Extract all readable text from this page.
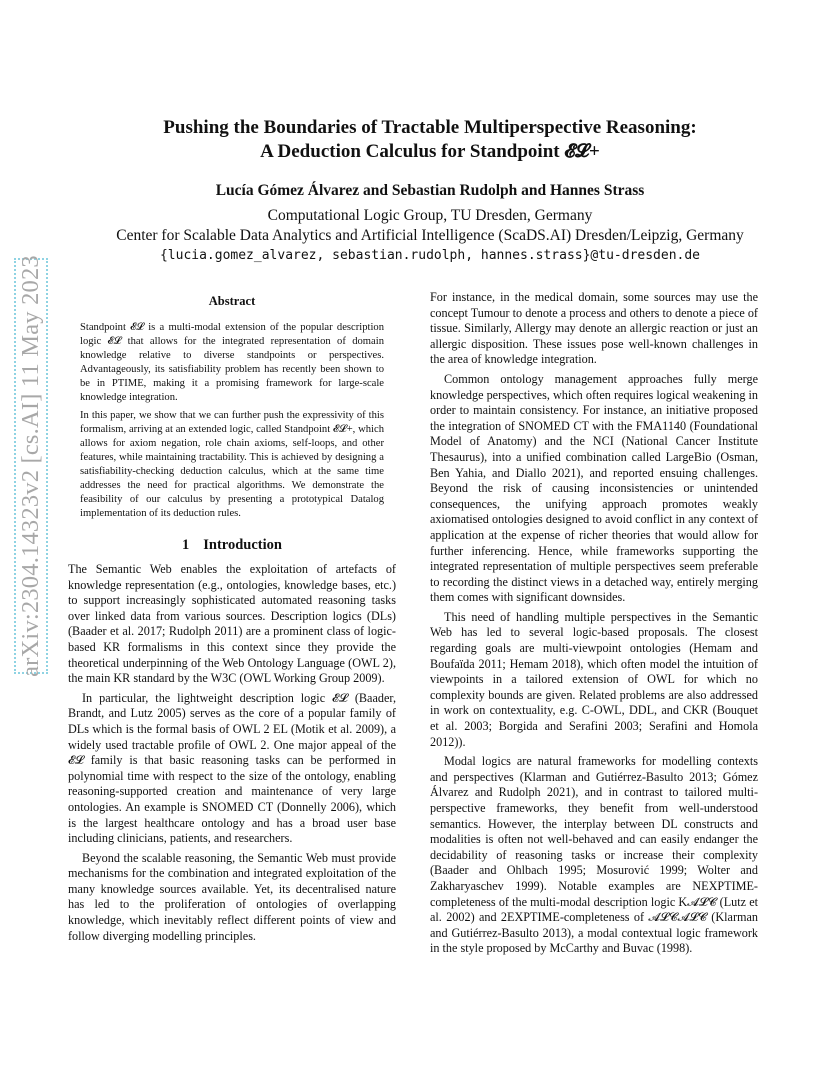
arXiv:2304.14323v2 [cs.AI] 11 May 2023

Pushing the Boundaries of Tractable Multiperspective Reasoning:

A Deduction Calculus for Standpoint 𝓔𝓛+

Lucía Gómez Álvarez and Sebastian Rudolph and Hannes Strass
Computational Logic Group, TU Dresden, Germany
Center for Scalable Data Analytics and Artificial Intelligence (ScaDS.AI) Dresden/Leipzig, Germany
{lucia.gomez_alvarez, sebastian.rudolph, hannes.strass}@tu-dresden.de
Abstract

Standpoint 𝓔𝓛 is a multi-modal extension of the popular description logic 𝓔𝓛 that allows for the integrated representation of domain knowledge relative to diverse standpoints or perspectives. Advantageously, its satisfiability problem has recently been shown to be in PTIME, making it a promising framework for large-scale knowledge integration.

In this paper, we show that we can further push the expressivity of this formalism, arriving at an extended logic, called Standpoint 𝓔𝓛+, which allows for axiom negation, role chain axioms, self-loops, and other features, while maintaining tractability. This is achieved by designing a satisfiability-checking deduction calculus, which at the same time addresses the need for practical algorithms. We demonstrate the feasibility of our calculus by presenting a prototypical Datalog implementation of its deduction rules.

1 Introduction

The Semantic Web enables the exploitation of artefacts of knowledge representation (e.g., ontologies, knowledge bases, etc.) to support increasingly sophisticated automated reasoning tasks over linked data from various sources. Description logics (DLs) (Baader et al. 2017; Rudolph 2011) are a prominent class of logic-based KR formalisms in this context since they provide the theoretical underpinning of the Web Ontology Language (OWL 2), the main KR standard by the W3C (OWL Working Group 2009).

In particular, the lightweight description logic 𝓔𝓛 (Baader, Brandt, and Lutz 2005) serves as the core of a popular family of DLs which is the formal basis of OWL 2 EL (Motik et al. 2009), a widely used tractable profile of OWL 2. One major appeal of the 𝓔𝓛 family is that basic reasoning tasks can be performed in polynomial time with respect to the size of the ontology, enabling reasoning-supported creation and maintenance of very large ontologies. An example is SNOMED CT (Donnelly 2006), which is the largest healthcare ontology and has a broad user base including clinicians, patients, and researchers.

Beyond the scalable reasoning, the Semantic Web must provide mechanisms for the combination and integrated exploitation of the many knowledge sources available. Yet, its decentralised nature has led to the proliferation of ontologies of overlapping knowledge, which inevitably reflect different points of view and follow diverging modelling principles.

For instance, in the medical domain, some sources may use the concept Tumour to denote a process and others to denote a piece of tissue. Similarly, Allergy may denote an allergic reaction or just an allergic disposition. These issues pose well-known challenges in the area of knowledge integration.

Common ontology management approaches fully merge knowledge perspectives, which often requires logical weakening in order to maintain consistency. For instance, an initiative proposed the integration of SNOMED CT with the FMA1140 (Foundational Model of Anatomy) and the NCI (National Cancer Institute Thesaurus), into a unified combination called LargeBio (Osman, Ben Yahia, and Diallo 2021), and reported ensuing challenges. Beyond the risk of causing inconsistencies or unintended consequences, the unifying approach promotes weakly axiomatised ontologies designed to avoid conflict in any context of application at the expense of richer theories that would allow for further inferencing. Hence, while frameworks supporting the integrated representation of multiple perspectives seem preferable to recording the distinct views in a detached way, entirely merging them comes with significant downsides.

This need of handling multiple perspectives in the Semantic Web has led to several logic-based proposals. The closest regarding goals are multi-viewpoint ontologies (Hemam and Boufaïda 2011; Hemam 2018), which often model the intuition of viewpoints in a tailored extension of OWL for which no complexity bounds are given. Related problems are also addressed in work on contextuality, e.g. C-OWL, DDL, and CKR (Bouquet et al. 2003; Borgida and Serafini 2003; Serafini and Homola 2012)).

Modal logics are natural frameworks for modelling contexts and perspectives (Klarman and Gutiérrez-Basulto 2013; Gómez Álvarez and Rudolph 2021), and in contrast to tailored multi-perspective frameworks, they benefit from well-understood semantics. However, the interplay between DL constructs and modalities is often not well-behaved and can easily endanger the decidability of reasoning tasks or increase their complexity (Baader and Ohlbach 1995; Mosurović 1999; Wolter and Zakharyaschev 1999). Notable examples are NEXPTIME-completeness of the multi-modal description logic K𝓐𝓛𝓒 (Lutz et al. 2002) and 2EXPTIME-completeness of 𝓐𝓛𝓒𝓐𝓛𝓒 (Klarman and Gutiérrez-Basulto 2013), a modal contextual logic framework in the style proposed by McCarthy and Buvac (1998).
